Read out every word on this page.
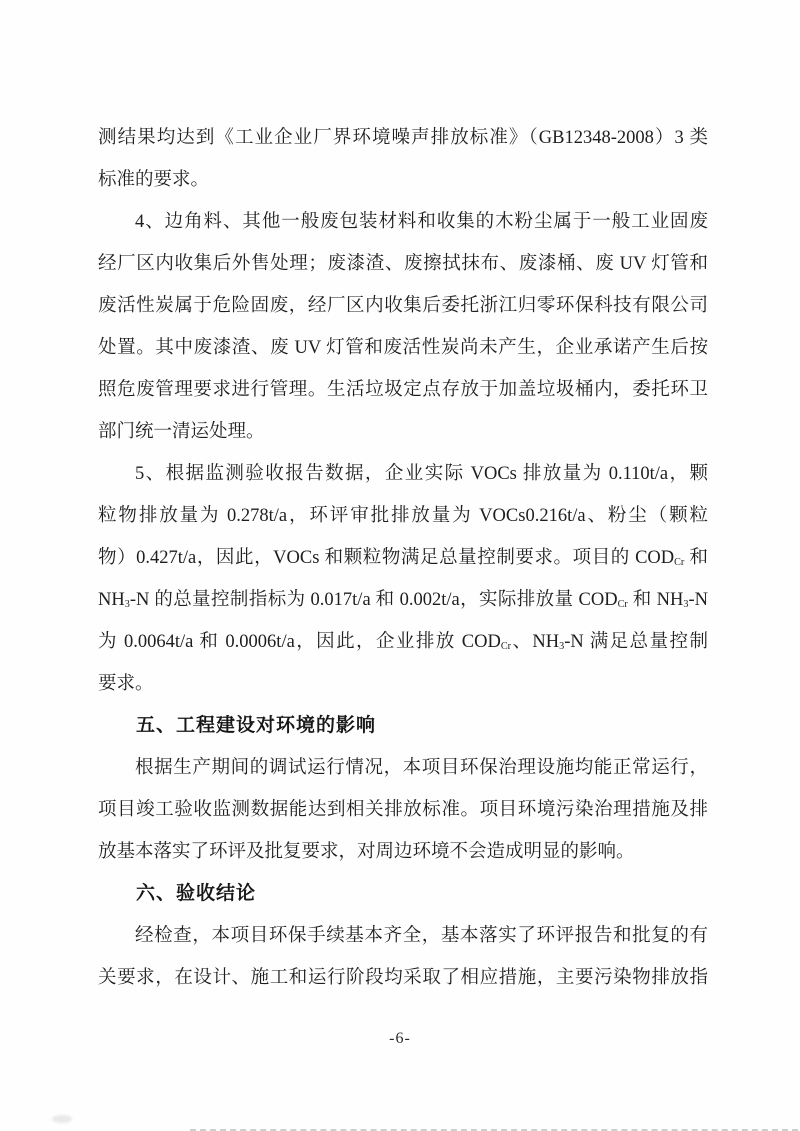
测结果均达到《工业企业厂界环境噪声排放标准》（GB12348-2008）3 类
标准的要求。
4、边角料、其他一般废包装材料和收集的木粉尘属于一般工业固废
经厂区内收集后外售处理；废漆渣、废擦拭抹布、废漆桶、废 UV 灯管和
废活性炭属于危险固废，经厂区内收集后委托浙江归零环保科技有限公司
处置。其中废漆渣、废 UV 灯管和废活性炭尚未产生，企业承诺产生后按
照危废管理要求进行管理。生活垃圾定点存放于加盖垃圾桶内，委托环卫
部门统一清运处理。
5、根据监测验收报告数据，企业实际 VOCs 排放量为 0.110t/a，颗
粒物排放量为 0.278t/a，环评审批排放量为 VOCs0.216t/a、粉尘（颗粒
物）0.427t/a，因此，VOCs 和颗粒物满足总量控制要求。项目的 $COD_{Cr}$ 和
$NH_3-N$ 的总量控制指标为 0.017t/a 和 0.002t/a，实际排放量 $COD_{Cr}$ 和 $NH_3-N$
为 0.0064t/a 和 0.0006t/a，因此，企业排放 $COD_{Cr}$、$NH_3-N$ 满足总量控制
要求。
五、工程建设对环境的影响
根据生产期间的调试运行情况，本项目环保治理设施均能正常运行，
项目竣工验收监测数据能达到相关排放标准。项目环境污染治理措施及排
放基本落实了环评及批复要求，对周边环境不会造成明显的影响。
六、验收结论
经检查，本项目环保手续基本齐全，基本落实了环评报告和批复的有
关要求，在设计、施工和运行阶段均采取了相应措施，主要污染物排放指
-6-
